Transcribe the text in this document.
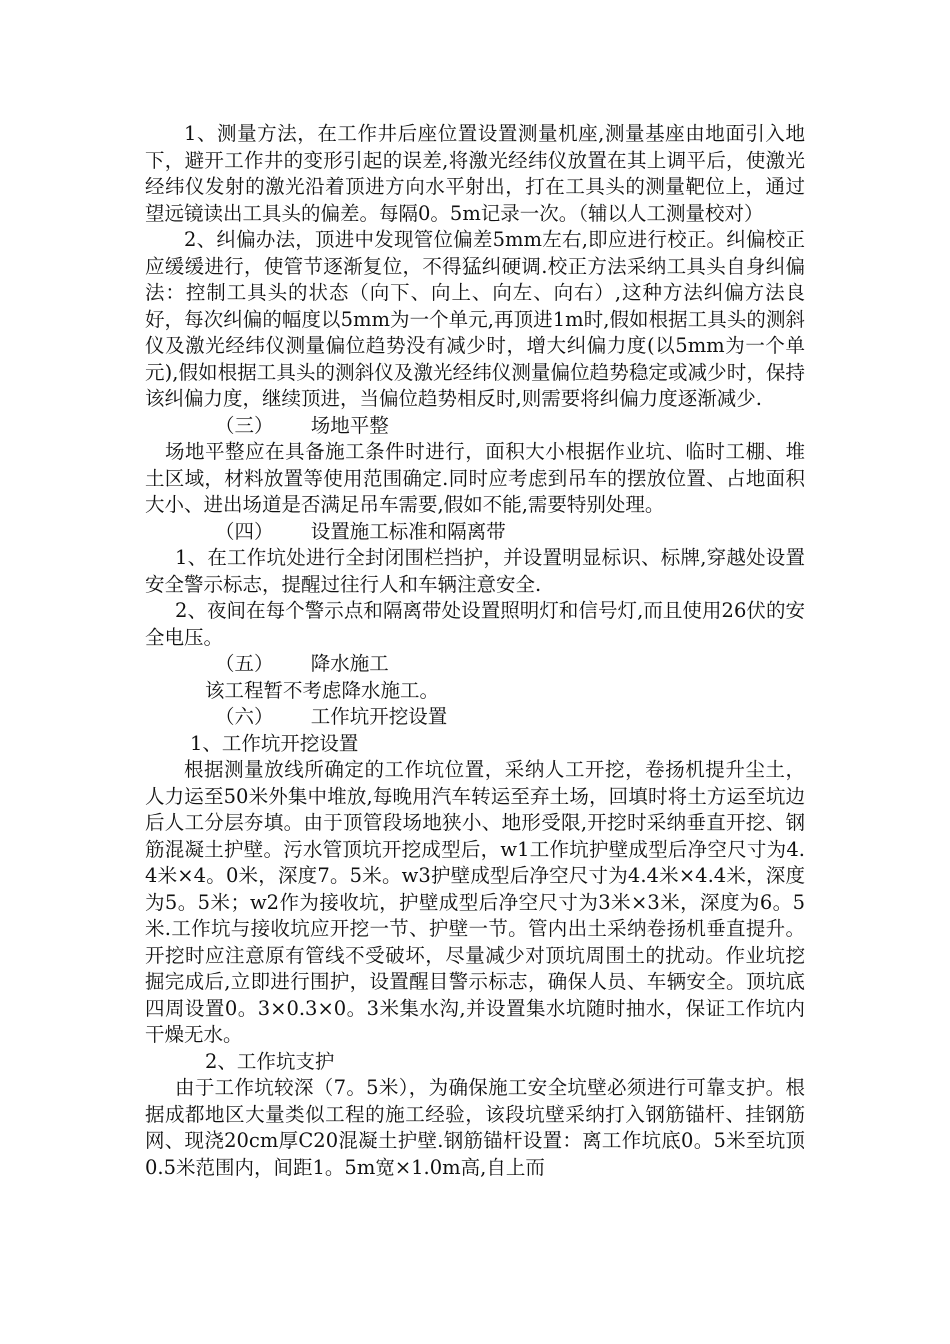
1、测量方法，在工作井后座位置设置测量机座,测量基座由地面引入地下，避开工作井的变形引起的误差,将激光经纬仪放置在其上调平后，使激光经纬仪发射的激光沿着顶进方向水平射出，打在工具头的测量靶位上，通过望远镜读出工具头的偏差。每隔0。5m记录一次。（辅以人工测量校对）

2、纠偏办法，顶进中发现管位偏差5mm左右,即应进行校正。纠偏校正应缓缓进行，使管节逐渐复位，不得猛纠硬调.校正方法采纳工具头自身纠偏法：控制工具头的状态（向下、向上、向左、向右）,这种方法纠偏方法良好，每次纠偏的幅度以5mm为一个单元,再顶进1m时,假如根据工具头的测斜仪及激光经纬仪测量偏位趋势没有减少时，增大纠偏力度(以5mm为一个单元),假如根据工具头的测斜仪及激光经纬仪测量偏位趋势稳定或减少时，保持该纠偏力度，继续顶进，当偏位趋势相反时,则需要将纠偏力度逐渐减少.

（三）      场地平整

场地平整应在具备施工条件时进行，面积大小根据作业坑、临时工棚、堆土区域，材料放置等使用范围确定.同时应考虑到吊车的摆放位置、占地面积大小、进出场道是否满足吊车需要,假如不能,需要特别处理。

（四）      设置施工标准和隔离带

1、在工作坑处进行全封闭围栏挡护，并设置明显标识、标牌,穿越处设置安全警示标志，提醒过往行人和车辆注意安全.

2、夜间在每个警示点和隔离带处设置照明灯和信号灯,而且使用26伏的安全电压。

（五）      降水施工

该工程暂不考虑降水施工。

（六）      工作坑开挖设置

1、工作坑开挖设置

根据测量放线所确定的工作坑位置，采纳人工开挖，卷扬机提升尘土，人力运至50米外集中堆放,每晚用汽车转运至弃土场，回填时将土方运至坑边后人工分层夯填。由于顶管段场地狭小、地形受限,开挖时采纳垂直开挖、钢筋混凝土护壁。污水管顶坑开挖成型后，w1工作坑护壁成型后净空尺寸为4.4米×4。0米，深度7。5米。w3护壁成型后净空尺寸为4.4米×4.4米，深度为5。5米；w2作为接收坑，护壁成型后净空尺寸为3米×3米，深度为6。5米.工作坑与接收坑应开挖一节、护壁一节。管内出土采纳卷扬机垂直提升。开挖时应注意原有管线不受破坏，尽量减少对顶坑周围土的扰动。作业坑挖掘完成后,立即进行围护，设置醒目警示标志，确保人员、车辆安全。顶坑底四周设置0。3×0.3×0。3米集水沟,并设置集水坑随时抽水，保证工作坑内干燥无水。

2、工作坑支护

由于工作坑较深（7。5米），为确保施工安全坑壁必须进行可靠支护。根据成都地区大量类似工程的施工经验，该段坑壁采纳打入钢筋锚杆、挂钢筋网、现浇20cm厚C20混凝土护壁.钢筋锚杆设置：离工作坑底0。5米至坑顶0.5米范围内，间距1。5m宽×1.0m高,自上而
